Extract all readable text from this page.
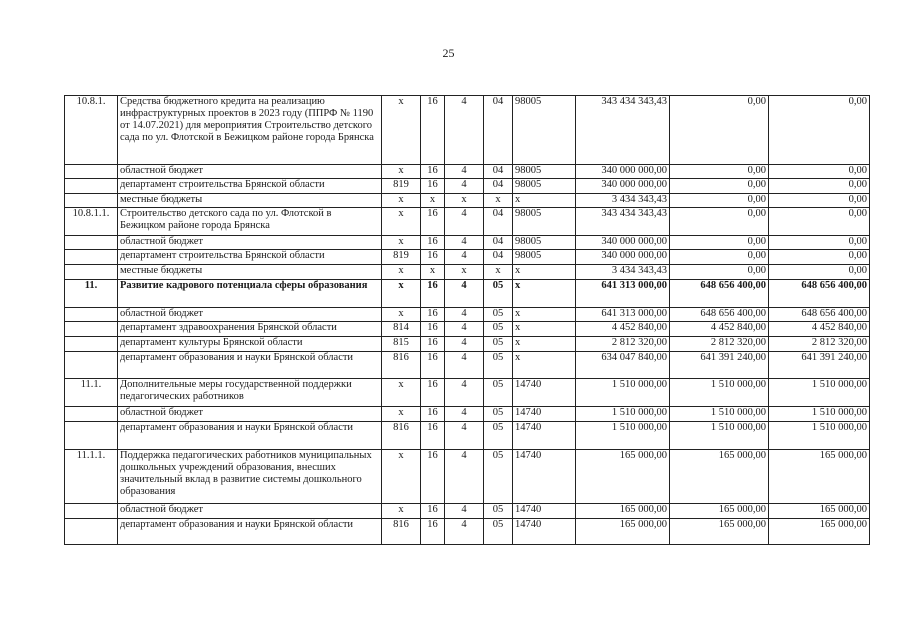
25
10.8.1.	Средства бюджетного кредита на реализацию инфраструктурных проектов в 2023 году (ППРФ № 1190 от 14.07.2021) для мероприятия Строительство детского сада по ул. Флотской в Бежицком районе города Брянска	x	16	4	04	98005	343 434 343,43	0,00	0,00
	областной бюджет	x	16	4	04	98005	340 000 000,00	0,00	0,00
	департамент строительства Брянской области	819	16	4	04	98005	340 000 000,00	0,00	0,00
	местные бюджеты	x	x	x	x	x	3 434 343,43	0,00	0,00
10.8.1.1.	Строительство детского сада по ул. Флотской в Бежицком районе города Брянска	x	16	4	04	98005	343 434 343,43	0,00	0,00
	областной бюджет	x	16	4	04	98005	340 000 000,00	0,00	0,00
	департамент строительства Брянской области	819	16	4	04	98005	340 000 000,00	0,00	0,00
	местные бюджеты	x	x	x	x	x	3 434 343,43	0,00	0,00
11.	Развитие кадрового потенциала сферы образования	x	16	4	05	x	641 313 000,00	648 656 400,00	648 656 400,00
	областной бюджет	x	16	4	05	x	641 313 000,00	648 656 400,00	648 656 400,00
	департамент здравоохранения Брянской области	814	16	4	05	x	4 452 840,00	4 452 840,00	4 452 840,00
	департамент культуры Брянской области	815	16	4	05	x	2 812 320,00	2 812 320,00	2 812 320,00
	департамент образования и науки Брянской области	816	16	4	05	x	634 047 840,00	641 391 240,00	641 391 240,00
11.1.	Дополнительные меры государственной поддержки педагогических работников	x	16	4	05	14740	1 510 000,00	1 510 000,00	1 510 000,00
	областной бюджет	x	16	4	05	14740	1 510 000,00	1 510 000,00	1 510 000,00
	департамент образования и науки Брянской области	816	16	4	05	14740	1 510 000,00	1 510 000,00	1 510 000,00
11.1.1.	Поддержка педагогических работников муниципальных дошкольных учреждений образования, внесших значительный вклад в развитие системы дошкольного образования	x	16	4	05	14740	165 000,00	165 000,00	165 000,00
	областной бюджет	x	16	4	05	14740	165 000,00	165 000,00	165 000,00
	департамент образования и науки Брянской области	816	16	4	05	14740	165 000,00	165 000,00	165 000,00
